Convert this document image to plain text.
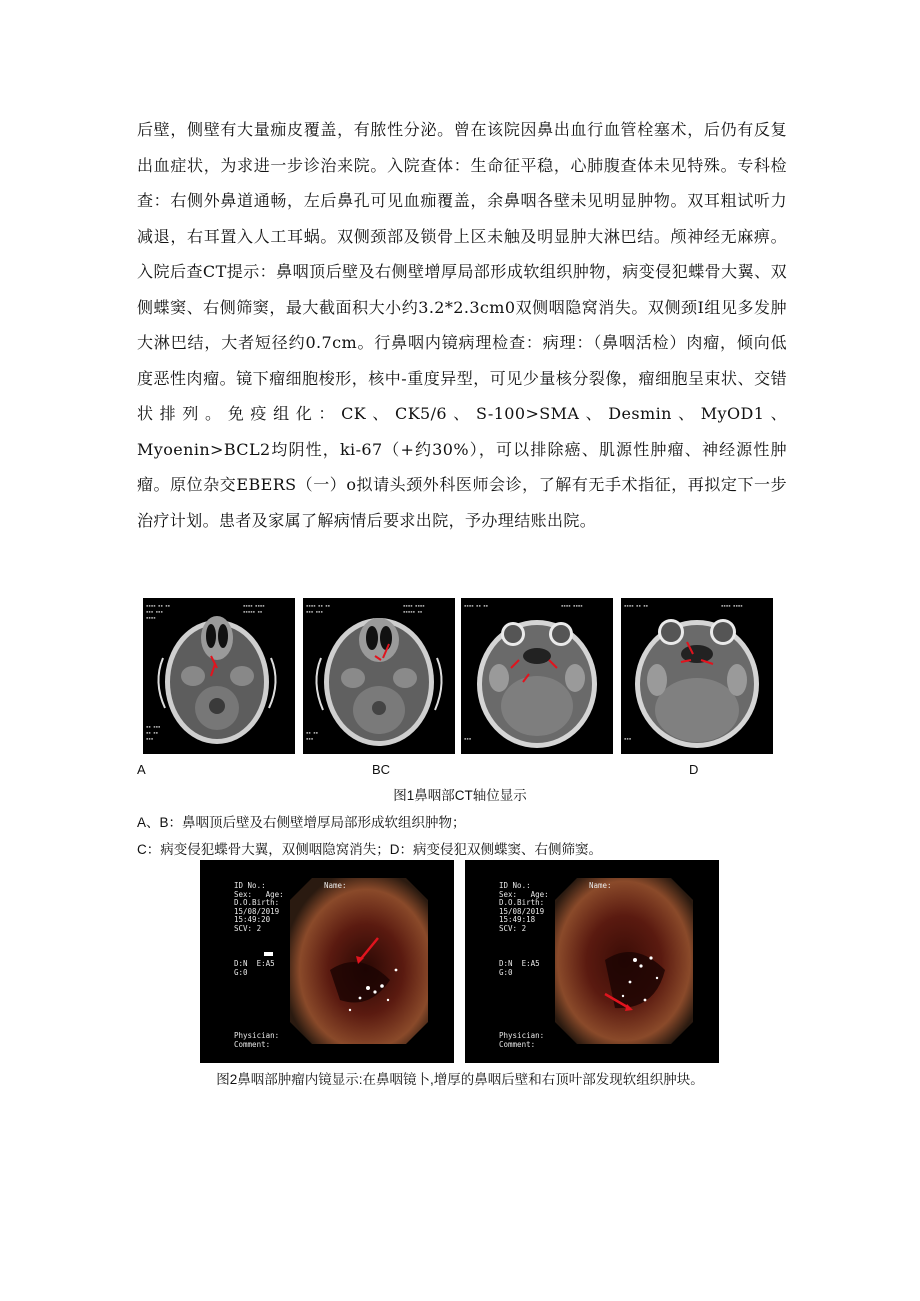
后壁，侧壁有大量痂皮覆盖，有脓性分泌。曾在该院因鼻出血行血管栓塞术，后仍有反复出血症状，为求进一步诊治来院。入院查体：生命征平稳，心肺腹查体未见特殊。专科检查：右侧外鼻道通畅，左后鼻孔可见血痂覆盖，余鼻咽各壁未见明显肿物。双耳粗试听力减退，右耳置入人工耳蜗。双侧颈部及锁骨上区未触及明显肿大淋巴结。颅神经无麻痹。入院后查CT提示：鼻咽顶后壁及右侧壁增厚局部形成软组织肿物，病变侵犯蝶骨大翼、双侧蝶窦、右侧筛窦，最大截面积大小约3.2*2.3cm0双侧咽隐窝消失。双侧颈I组见多发肿大淋巴结，大者短径约0.7cm。行鼻咽内镜病理检查：病理：（鼻咽活检）肉瘤，倾向低度恶性肉瘤。镜下瘤细胞梭形，核中-重度异型，可见少量核分裂像，瘤细胞呈束状、交错状排列。免疫组化：CK、CK5/6、S-100>SMA、Desmin、MyOD1、Myoenin>BCL2均阴性，ki-67（+约30%），可以排除癌、肌源性肿瘤、神经源性肿瘤。原位杂交EBERS（一）o拟请头颈外科医师会诊，了解有无手术指征，再拟定下一步治疗计划。患者及家属了解病情后要求出院，予办理结账出院。

▪▪▪▪ ▪▪ ▪▪
▪▪▪ ▪▪▪
▪▪▪▪
▪▪▪▪ ▪▪▪▪
▪▪▪▪▪ ▪▪
▪▪ ▪▪▪
▪▪ ▪▪
▪▪▪
▪▪▪▪ ▪▪ ▪▪
▪▪▪ ▪▪▪
▪▪▪▪ ▪▪▪▪
▪▪▪▪▪ ▪▪
▪▪ ▪▪
▪▪▪
▪▪▪▪ ▪▪ ▪▪	▪▪▪▪ ▪▪▪▪
▪▪▪
▪▪▪▪ ▪▪ ▪▪	▪▪▪▪ ▪▪▪▪
▪▪▪
A	BC	D
图1鼻咽部CT轴位显示
A、B：鼻咽顶后壁及右侧壁增厚局部形成软组织肿物；
C：病变侵犯蝶骨大翼，双侧咽隐窝消失；D：病变侵犯双侧蝶窦、右侧筛窦。
ID No.:
Sex:   Age:
D.O.Birth:
15/08/2019
15:49:20
SCV: 2
Name:
D:N  E:A5
G:0
Physician:
Comment:
ID No.:
Sex:   Age:
D.O.Birth:
15/08/2019
15:49:18
SCV: 2
Name:
D:N  E:A5
G:0
Physician:
Comment:
图2鼻咽部肿瘤内镜显示:在鼻咽镜卜,增厚的鼻咽后壁和右顶叶部发现软组织肿块。
